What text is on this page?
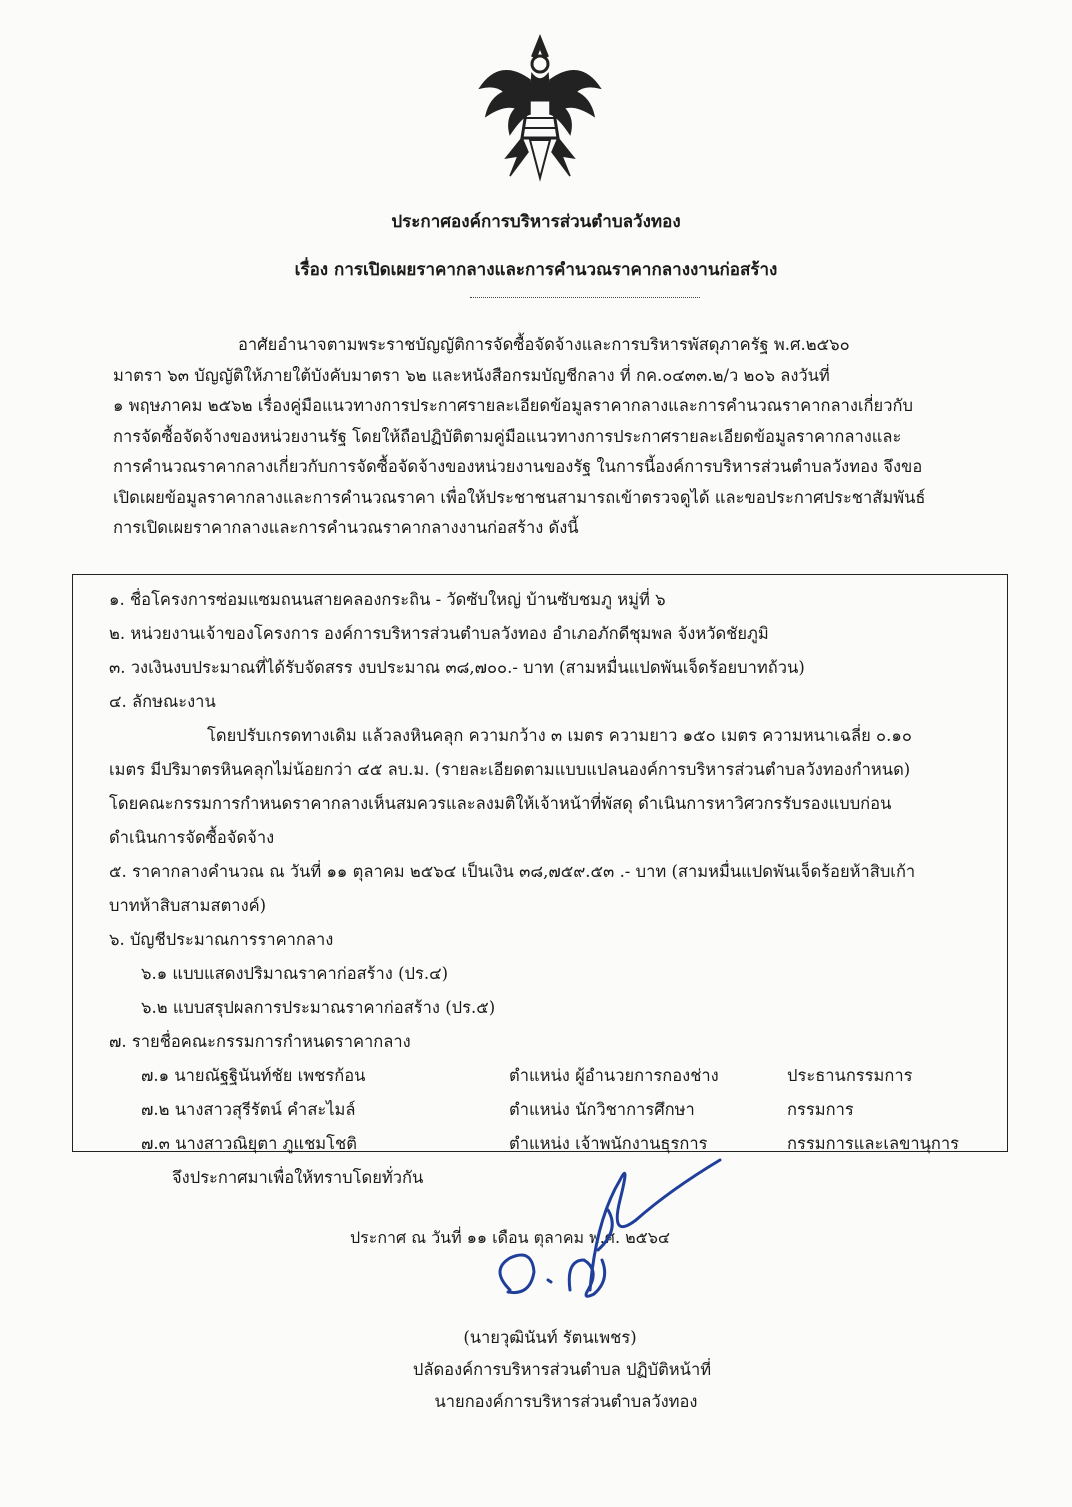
ประกาศองค์การบริหารส่วนตำบลวังทอง
เรื่อง การเปิดเผยราคากลางและการคำนวณราคากลางงานก่อสร้าง

อาศัยอำนาจตามพระราชบัญญัติการจัดซื้อจัดจ้างและการบริหารพัสดุภาครัฐ พ.ศ.๒๕๖๐

มาตรา ๖๓ บัญญัติให้ภายใต้บังคับมาตรา ๖๒ และหนังสือกรมบัญชีกลาง ที่ กค.๐๔๓๓.๒/ว ๒๐๖ ลงวันที่

๑ พฤษภาคม ๒๕๖๒ เรื่องคู่มือแนวทางการประกาศรายละเอียดข้อมูลราคากลางและการคำนวณราคากลางเกี่ยวกับ

การจัดซื้อจัดจ้างของหน่วยงานรัฐ โดยให้ถือปฏิบัติตามคู่มือแนวทางการประกาศรายละเอียดข้อมูลราคากลางและ

การคำนวณราคากลางเกี่ยวกับการจัดซื้อจัดจ้างของหน่วยงานของรัฐ ในการนี้องค์การบริหารส่วนตำบลวังทอง จึงขอ

เปิดเผยข้อมูลราคากลางและการคำนวณราคา เพื่อให้ประชาชนสามารถเข้าตรวจดูได้ และขอประกาศประชาสัมพันธ์

การเปิดเผยราคากลางและการคำนวณราคากลางงานก่อสร้าง ดังนี้

๑. ชื่อโครงการซ่อมแซมถนนสายคลองกระถิน - วัดซับใหญ่ บ้านซับชมภู หมู่ที่ ๖
๒. หน่วยงานเจ้าของโครงการ องค์การบริหารส่วนตำบลวังทอง อำเภอภักดีชุมพล จังหวัดชัยภูมิ
๓. วงเงินงบประมาณที่ได้รับจัดสรร งบประมาณ ๓๘,๗๐๐.- บาท (สามหมื่นแปดพันเจ็ดร้อยบาทถ้วน)
๔. ลักษณะงาน
โดยปรับเกรดทางเดิม แล้วลงหินคลุก ความกว้าง ๓ เมตร ความยาว ๑๕๐ เมตร ความหนาเฉลี่ย ๐.๑๐
เมตร มีปริมาตรหินคลุกไม่น้อยกว่า ๔๕ ลบ.ม. (รายละเอียดตามแบบแปลนองค์การบริหารส่วนตำบลวังทองกำหนด)
โดยคณะกรรมการกำหนดราคากลางเห็นสมควรและลงมติให้เจ้าหน้าที่พัสดุ ดำเนินการหาวิศวกรรับรองแบบก่อน
ดำเนินการจัดซื้อจัดจ้าง
๕. ราคากลางคำนวณ ณ วันที่ ๑๑ ตุลาคม ๒๕๖๔ เป็นเงิน ๓๘,๗๕๙.๕๓ .- บาท (สามหมื่นแปดพันเจ็ดร้อยห้าสิบเก้า
บาทห้าสิบสามสตางค์)
๖. บัญชีประมาณการราคากลาง
๖.๑ แบบแสดงปริมาณราคาก่อสร้าง (ปร.๔)
๖.๒ แบบสรุปผลการประมาณราคาก่อสร้าง (ปร.๕)
๗. รายชื่อคณะกรรมการกำหนดราคากลาง
๗.๑ นายณัฐฐินันท์ชัย เพชรก้อน	ตำแหน่ง ผู้อำนวยการกองช่าง	ประธานกรรมการ
๗.๒ นางสาวสุรีรัตน์ คำสะไมล์	ตำแหน่ง นักวิชาการศึกษา	กรรมการ
๗.๓ นางสาวณิยุตา ภูแชมโชติ	ตำแหน่ง เจ้าพนักงานธุรการ	กรรมการและเลขานุการ
จึงประกาศมาเพื่อให้ทราบโดยทั่วกัน
ประกาศ ณ วันที่ ๑๑ เดือน ตุลาคม พ.ศ. ๒๕๖๔
(นายวุฒินันท์ รัตนเพชร)
ปลัดองค์การบริหารส่วนตำบล ปฏิบัติหน้าที่
นายกองค์การบริหารส่วนตำบลวังทอง
